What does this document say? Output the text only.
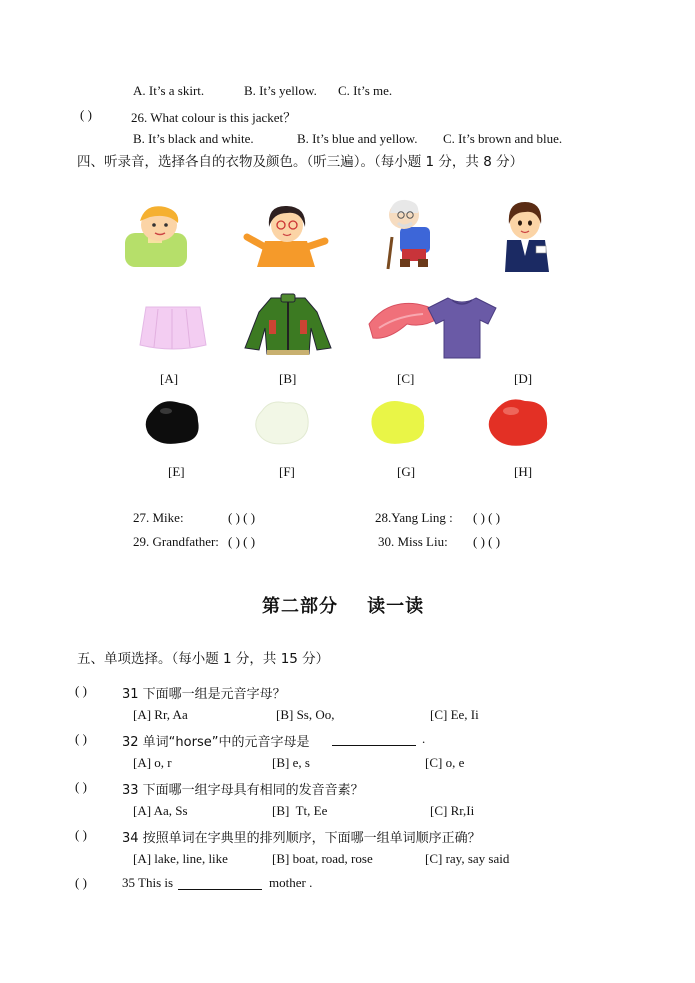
A. It’s a skirt.	B. It’s yellow. C. It’s me.
( )	26. What colour is this jacket？
B. It’s black and white.	B. It’s blue and yellow. C. It’s brown and blue.
四、听录音，选择各自的衣物及颜色。（听三遍）。（每小题 1 分，共 8 分）
[A]	[B]	[C]	[D]
[E]	[F]	[G]	[H]
27. Mike:	( ) ( )	28.Yang Ling : ( ) ( )
29. Grandfather: ( ) ( )	30. Miss Liu: ( ) ( )
第二部分    读一读
五、单项选择。（每小题 1 分，共 15 分）
( )	31 下面哪一组是元音字母？
[A] Rr, Aa	[B] Ss, Oo,	[C] Ee, Ii
( )	32 单词“horse”中的元音字母是	.
[A] o, r	[B] e, s	[C] o, e
( )	33 下面哪一组字母具有相同的发音音素？
[A] Aa, Ss	[B]  Tt, Ee	[C] Rr,Ii
( )	34 按照单词在字典里的排列顺序，下面哪一组单词顺序正确？
[A] lake, line, like	[B] boat, road, rose	[C] ray, say said
( )	35 This is	mother .
